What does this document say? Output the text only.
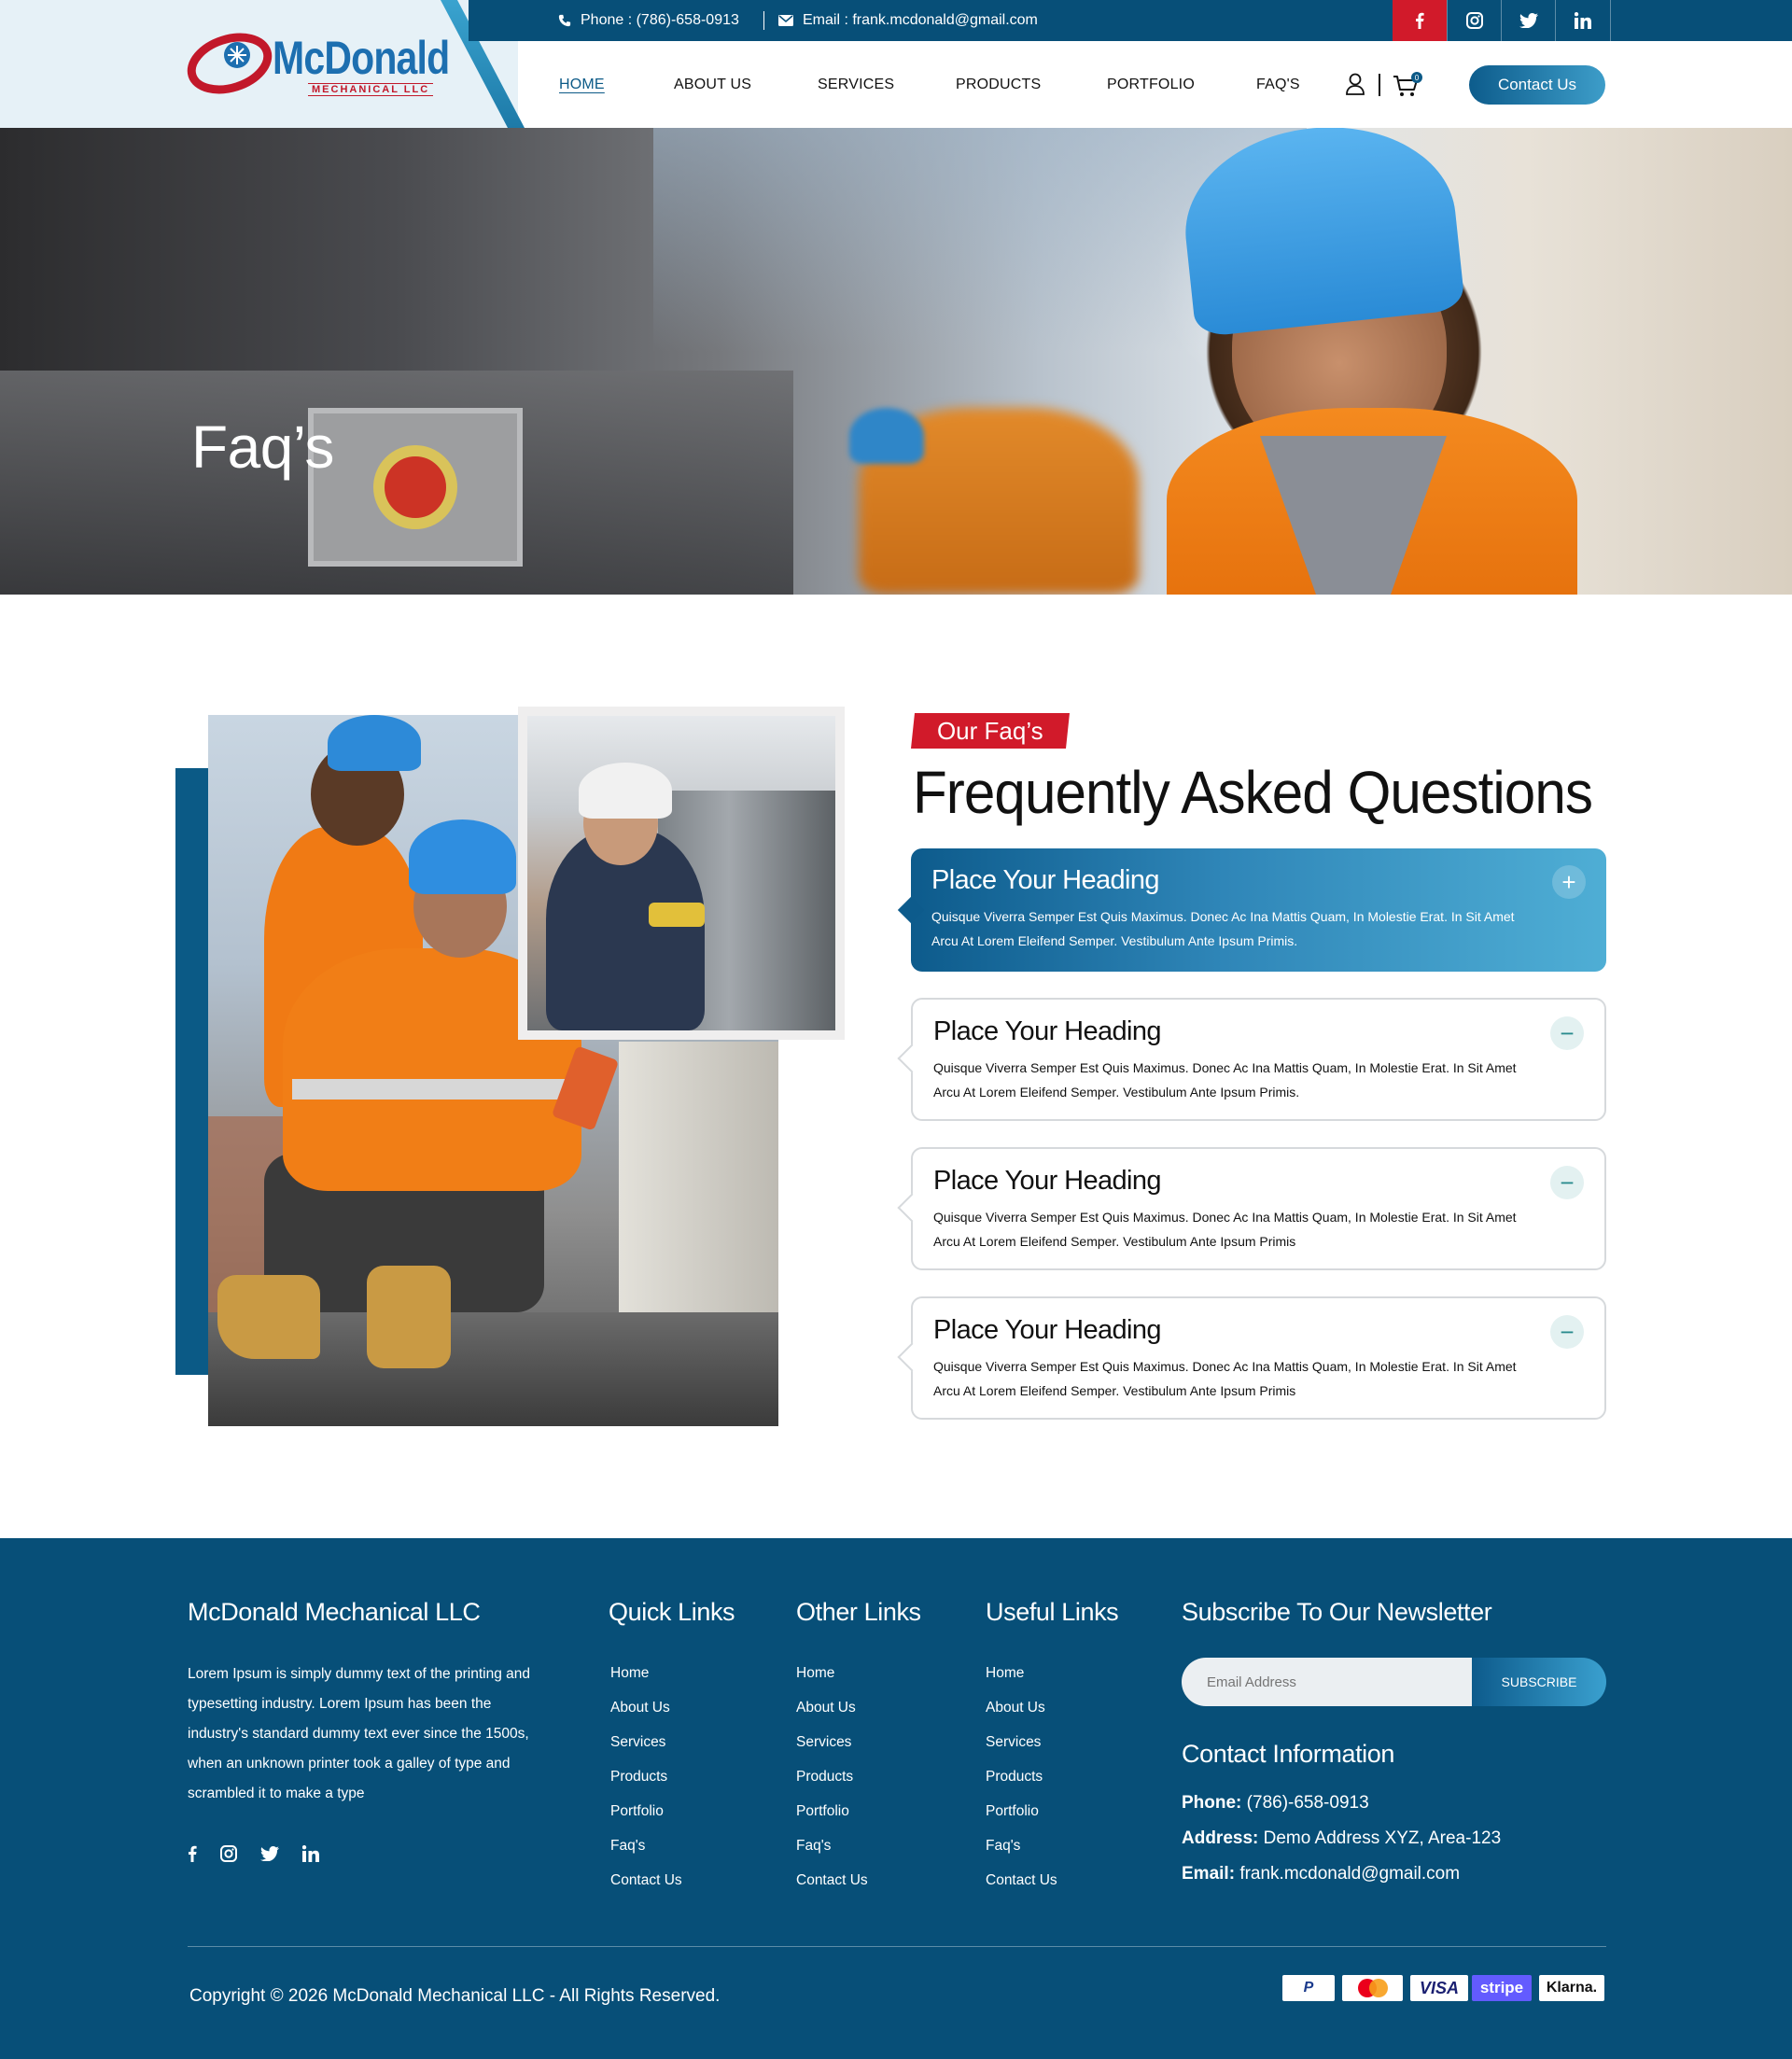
McDonald
MECHANICAL LLC
Phone : (786)-658-0913	Email : frank.mcdonald@gmail.com
HOME	ABOUT US	SERVICES	PRODUCTS	PORTFOLIO	FAQ'S	0	Contact Us
Faq’s
Our Faq’s
Frequently Asked Questions
Place Your Heading
Quisque Viverra Semper Est Quis Maximus. Donec Ac Ina Mattis Quam, In Molestie Erat. In Sit Amet Arcu At Lorem Eleifend Semper. Vestibulum Ante Ipsum Primis.
+
Place Your Heading
Quisque Viverra Semper Est Quis Maximus. Donec Ac Ina Mattis Quam, In Molestie Erat. In Sit Amet Arcu At Lorem Eleifend Semper. Vestibulum Ante Ipsum Primis.
−
Place Your Heading
Quisque Viverra Semper Est Quis Maximus. Donec Ac Ina Mattis Quam, In Molestie Erat. In Sit Amet Arcu At Lorem Eleifend Semper. Vestibulum Ante Ipsum Primis
−
Place Your Heading
Quisque Viverra Semper Est Quis Maximus. Donec Ac Ina Mattis Quam, In Molestie Erat. In Sit Amet Arcu At Lorem Eleifend Semper. Vestibulum Ante Ipsum Primis
−
McDonald Mechanical LLC
Lorem Ipsum is simply dummy text of the printing and typesetting industry. Lorem Ipsum has been the industry's standard dummy text ever since the 1500s, when an unknown printer took a galley of type and scrambled it to make a type
Quick Links
Home
About Us
Services
Products
Portfolio
Faq's
Contact Us
Other Links
Home
About Us
Services
Products
Portfolio
Faq's
Contact Us
Useful Links
Home
About Us
Services
Products
Portfolio
Faq's
Contact Us
Subscribe To Our Newsletter
Email Address
SUBSCRIBE
Contact Information
Phone: (786)-658-0913
Address: Demo Address XYZ, Area-123
Email: frank.mcdonald@gmail.com
Copyright © 2026 McDonald Mechanical LLC - All Rights Reserved.	P	VISA	stripe	Klarna.
